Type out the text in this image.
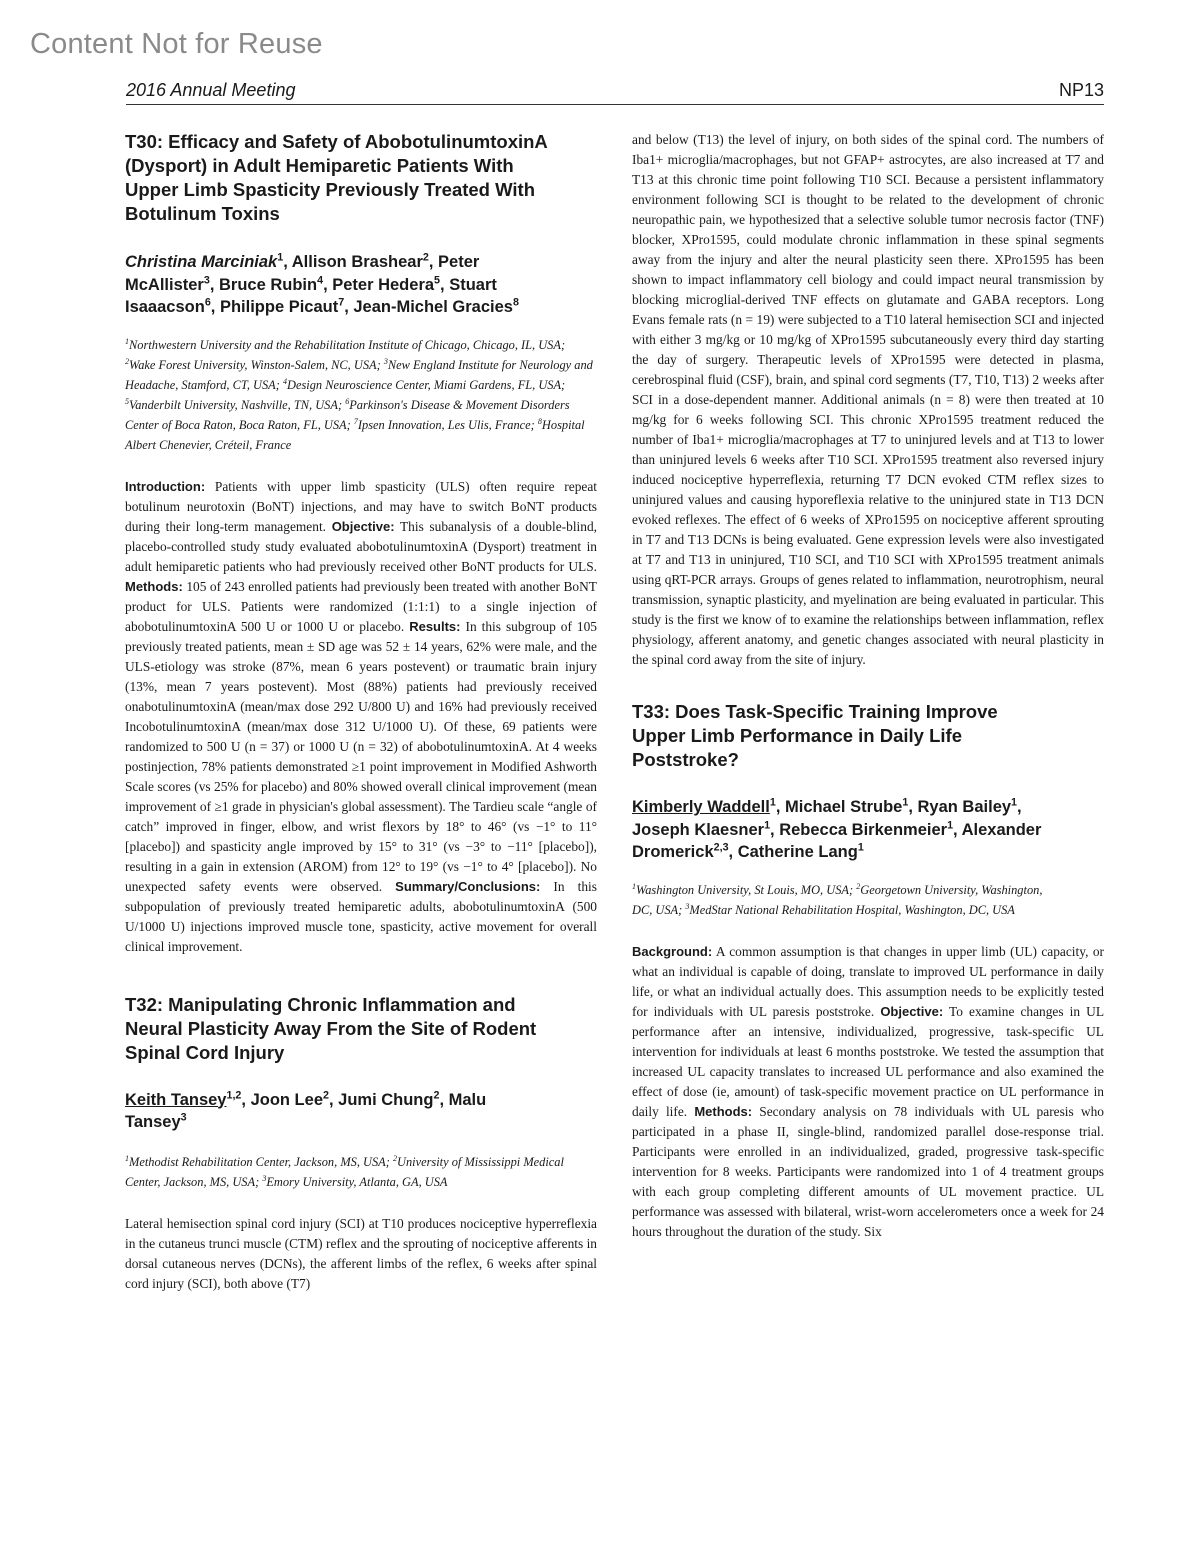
Content Not for Reuse
2016 Annual Meeting	NP13
T30: Efficacy and Safety of AbobotulinumtoxinA (Dysport) in Adult Hemiparetic Patients With Upper Limb Spasticity Previously Treated With Botulinum Toxins

Christina Marciniak$^1$, Allison Brashear$^2$, Peter McAllister$^3$, Bruce Rubin$^4$, Peter Hedera$^5$, Stuart Isaaacson$^6$, Philippe Picaut$^7$, Jean-Michel Gracies$^8$

$^1$Northwestern University and the Rehabilitation Institute of Chicago, Chicago, IL, USA; $^2$Wake Forest University, Winston-Salem, NC, USA; $^3$New England Institute for Neurology and Headache, Stamford, CT, USA; $^4$Design Neuroscience Center, Miami Gardens, FL, USA; $^5$Vanderbilt University, Nashville, TN, USA; $^6$Parkinson's Disease & Movement Disorders Center of Boca Raton, Boca Raton, FL, USA; $^7$Ipsen Innovation, Les Ulis, France; $^8$Hospital Albert Chenevier, Créteil, France

Introduction: Patients with upper limb spasticity (ULS) often require repeat botulinum neurotoxin (BoNT) injections, and may have to switch BoNT products during their long-term management. Objective: This subanalysis of a double-blind, placebo-controlled study study evaluated abobotulinumtoxinA (Dysport) treatment in adult hemiparetic patients who had previously received other BoNT products for ULS. Methods: 105 of 243 enrolled patients had previously been treated with another BoNT product for ULS. Patients were randomized (1:1:1) to a single injection of abobotulinumtoxinA 500 U or 1000 U or placebo. Results: In this subgroup of 105 previously treated patients, mean ± SD age was 52 ± 14 years, 62% were male, and the ULS-etiology was stroke (87%, mean 6 years postevent) or traumatic brain injury (13%, mean 7 years postevent). Most (88%) patients had previously received onabotulinumtoxinA (mean/max dose 292 U/800 U) and 16% had previously received IncobotulinumtoxinA (mean/max dose 312 U/1000 U). Of these, 69 patients were randomized to 500 U (n = 37) or 1000 U (n = 32) of abobotulinumtoxinA. At 4 weeks postinjection, 78% patients demonstrated ≥1 point improvement in Modified Ashworth Scale scores (vs 25% for placebo) and 80% showed overall clinical improvement (mean improvement of ≥1 grade in physician's global assessment). The Tardieu scale “angle of catch” improved in finger, elbow, and wrist flexors by 18° to 46° (vs −1° to 11° [placebo]) and spasticity angle improved by 15° to 31° (vs −3° to −11° [placebo]), resulting in a gain in extension (AROM) from 12° to 19° (vs −1° to 4° [placebo]). No unexpected safety events were observed. Summary/Conclusions: In this subpopulation of previously treated hemiparetic adults, abobotulinumtoxinA (500 U/1000 U) injections improved muscle tone, spasticity, active movement for overall clinical improvement.

T32: Manipulating Chronic Inflammation and Neural Plasticity Away From the Site of Rodent Spinal Cord Injury

Keith Tansey$^{1,2}$, Joon Lee$^2$, Jumi Chung$^2$, Malu Tansey$^3$

$^1$Methodist Rehabilitation Center, Jackson, MS, USA; $^2$University of Mississippi Medical Center, Jackson, MS, USA; $^3$Emory University, Atlanta, GA, USA

Lateral hemisection spinal cord injury (SCI) at T10 produces nociceptive hyperreflexia in the cutaneus trunci muscle (CTM) reflex and the sprouting of nociceptive afferents in dorsal cutaneous nerves (DCNs), the afferent limbs of the reflex, 6 weeks after spinal cord injury (SCI), both above (T7)

and below (T13) the level of injury, on both sides of the spinal cord. The numbers of Iba1+ microglia/macrophages, but not GFAP+ astrocytes, are also increased at T7 and T13 at this chronic time point following T10 SCI. Because a persistent inflammatory environment following SCI is thought to be related to the development of chronic neuropathic pain, we hypothesized that a selective soluble tumor necrosis factor (TNF) blocker, XPro1595, could modulate chronic inflammation in these spinal segments away from the injury and alter the neural plasticity seen there. XPro1595 has been shown to impact inflammatory cell biology and could impact neural transmission by blocking microglial-derived TNF effects on glutamate and GABA receptors. Long Evans female rats (n = 19) were subjected to a T10 lateral hemisection SCI and injected with either 3 mg/kg or 10 mg/kg of XPro1595 subcutaneously every third day starting the day of surgery. Therapeutic levels of XPro1595 were detected in plasma, cerebrospinal fluid (CSF), brain, and spinal cord segments (T7, T10, T13) 2 weeks after SCI in a dose-dependent manner. Additional animals (n = 8) were then treated at 10 mg/kg for 6 weeks following SCI. This chronic XPro1595 treatment reduced the number of Iba1+ microglia/macrophages at T7 to uninjured levels and at T13 to lower than uninjured levels 6 weeks after T10 SCI. XPro1595 treatment also reversed injury induced nociceptive hyperreflexia, returning T7 DCN evoked CTM reflex sizes to uninjured values and causing hyporeflexia relative to the uninjured state in T13 DCN evoked reflexes. The effect of 6 weeks of XPro1595 on nociceptive afferent sprouting in T7 and T13 DCNs is being evaluated. Gene expression levels were also investigated at T7 and T13 in uninjured, T10 SCI, and T10 SCI with XPro1595 treatment animals using qRT-PCR arrays. Groups of genes related to inflammation, neurotrophism, neural transmission, synaptic plasticity, and myelination are being evaluated in particular. This study is the first we know of to examine the relationships between inflammation, reflex physiology, afferent anatomy, and genetic changes associated with neural plasticity in the spinal cord away from the site of injury.

T33: Does Task-Specific Training Improve Upper Limb Performance in Daily Life Poststroke?

Kimberly Waddell$^1$, Michael Strube$^1$, Ryan Bailey$^1$, Joseph Klaesner$^1$, Rebecca Birkenmeier$^1$, Alexander Dromerick$^{2,3}$, Catherine Lang$^1$

$^1$Washington University, St Louis, MO, USA; $^2$Georgetown University, Washington, DC, USA; $^3$MedStar National Rehabilitation Hospital, Washington, DC, USA

Background: A common assumption is that changes in upper limb (UL) capacity, or what an individual is capable of doing, translate to improved UL performance in daily life, or what an individual actually does. This assumption needs to be explicitly tested for individuals with UL paresis poststroke. Objective: To examine changes in UL performance after an intensive, individualized, progressive, task-specific UL intervention for individuals at least 6 months poststroke. We tested the assumption that increased UL capacity translates to increased UL performance and also examined the effect of dose (ie, amount) of task-specific movement practice on UL performance in daily life. Methods: Secondary analysis on 78 individuals with UL paresis who participated in a phase II, single-blind, randomized parallel dose-response trial. Participants were enrolled in an individualized, graded, progressive task-specific intervention for 8 weeks. Participants were randomized into 1 of 4 treatment groups with each group completing different amounts of UL movement practice. UL performance was assessed with bilateral, wrist-worn accelerometers once a week for 24 hours throughout the duration of the study. Six
